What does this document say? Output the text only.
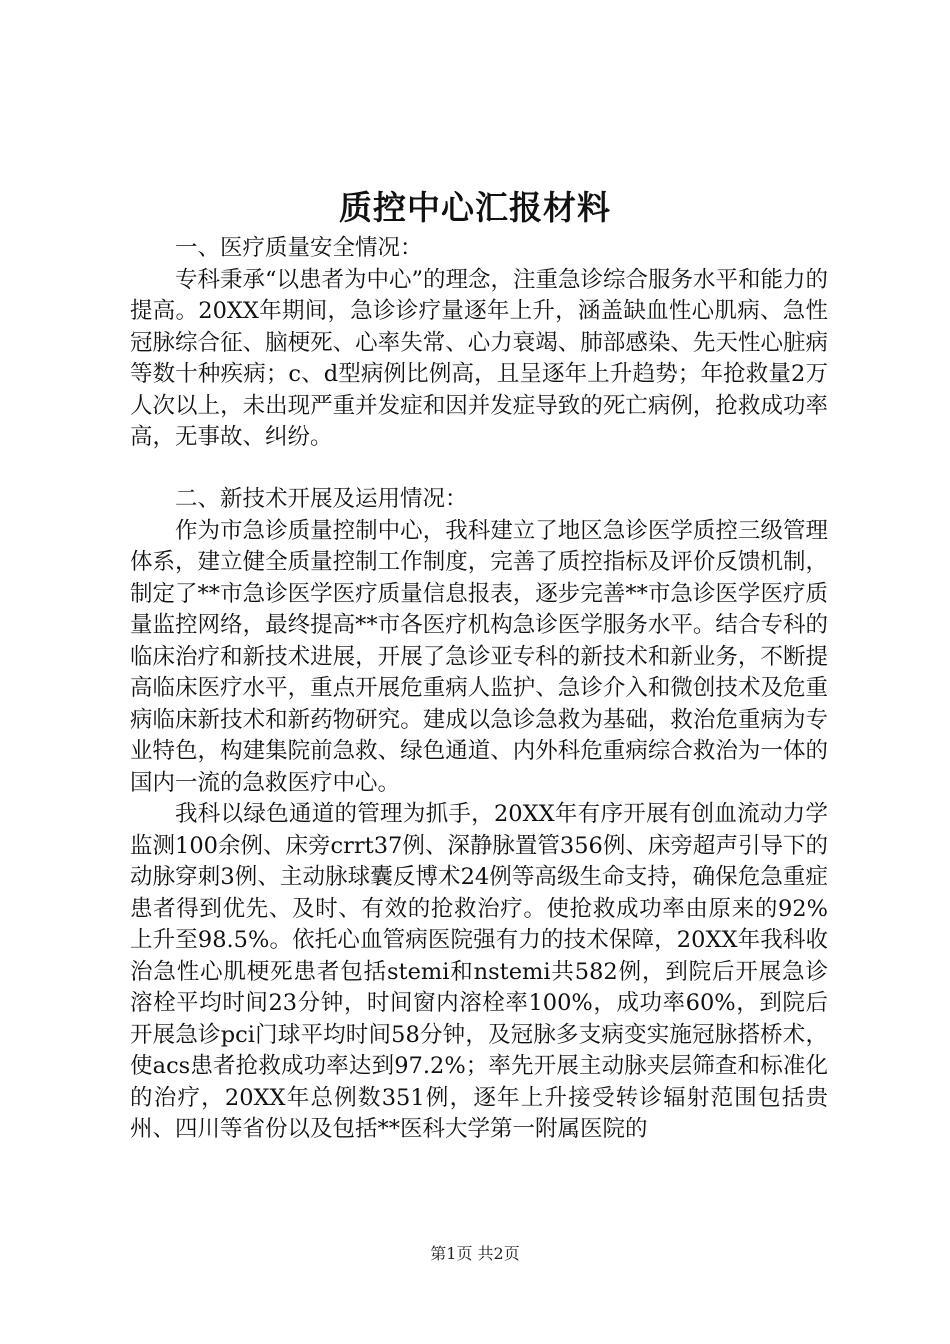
质控中心汇报材料

一、医疗质量安全情况：

专科秉承“以患者为中心”的理念，注重急诊综合服务水平和能力的提高。20XX年期间，急诊诊疗量逐年上升，涵盖缺血性心肌病、急性冠脉综合征、脑梗死、心率失常、心力衰竭、肺部感染、先天性心脏病等数十种疾病；c、d型病例比例高，且呈逐年上升趋势；年抢救量2万人次以上，未出现严重并发症和因并发症导致的死亡病例，抢救成功率高，无事故、纠纷。

二、新技术开展及运用情况：

作为市急诊质量控制中心，我科建立了地区急诊医学质控三级管理体系，建立健全质量控制工作制度，完善了质控指标及评价反馈机制，制定了**市急诊医学医疗质量信息报表，逐步完善**市急诊医学医疗质量监控网络，最终提高**市各医疗机构急诊医学服务水平。结合专科的临床治疗和新技术进展，开展了急诊亚专科的新技术和新业务，不断提高临床医疗水平，重点开展危重病人监护、急诊介入和微创技术及危重病临床新技术和新药物研究。建成以急诊急救为基础，救治危重病为专业特色，构建集院前急救、绿色通道、内外科危重病综合救治为一体的国内一流的急救医疗中心。

我科以绿色通道的管理为抓手，20XX年有序开展有创血流动力学监测100余例、床旁crrt37例、深静脉置管356例、床旁超声引导下的动脉穿刺3例、主动脉球囊反博术24例等高级生命支持，确保危急重症患者得到优先、及时、有效的抢救治疗。使抢救成功率由原来的92%上升至98.5%。依托心血管病医院强有力的技术保障，20XX年我科收治急性心肌梗死患者包括stemi和nstemi共582例，到院后开展急诊溶栓平均时间23分钟，时间窗内溶栓率100%，成功率60%，到院后开展急诊pci门球平均时间58分钟，及冠脉多支病变实施冠脉搭桥术，使acs患者抢救成功率达到97.2%；率先开展主动脉夹层筛查和标准化的治疗，20XX年总例数351例，逐年上升接受转诊辐射范围包括贵州、四川等省份以及包括**医科大学第一附属医院的

第1页 共2页
